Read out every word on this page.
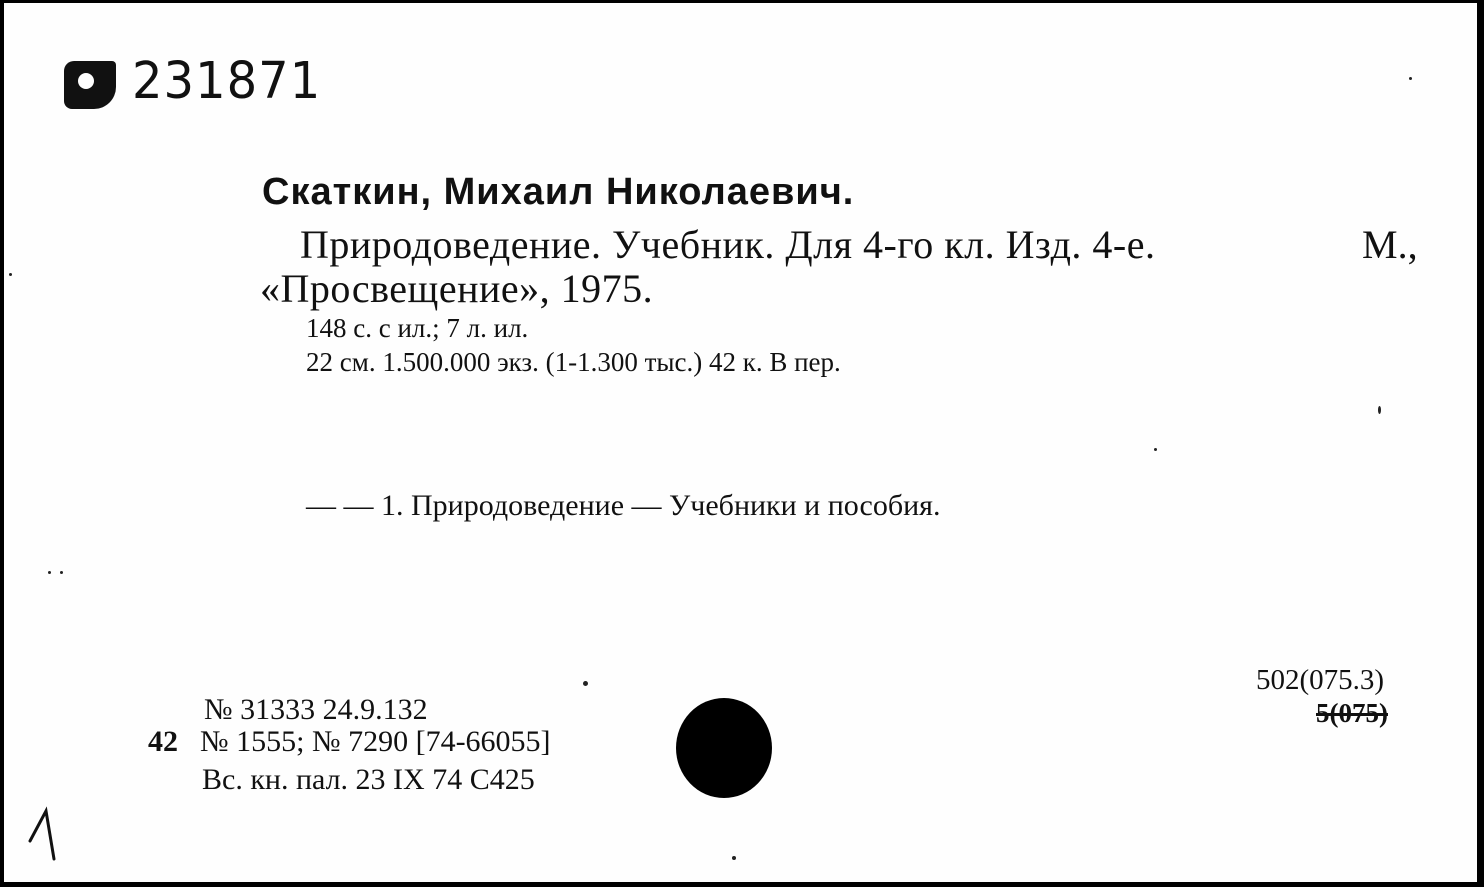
231871
Скаткин, Михаил Николаевич.
Природоведение. Учебник. Для 4-го кл. Изд. 4-е.	М.,
«Просвещение», 1975.
148 с. с ил.; 7 л. ил.
22 см. 1.500.000 экз. (1-1.300 тыс.) 42 к. В пер.
— — 1. Природоведение — Учебники и пособия.
502(075.3)
5(075)
№ 31333 24.9.132
42 № 1555; № 7290 [74-66055]
Вс. кн. пал. 23 IX 74 С425
